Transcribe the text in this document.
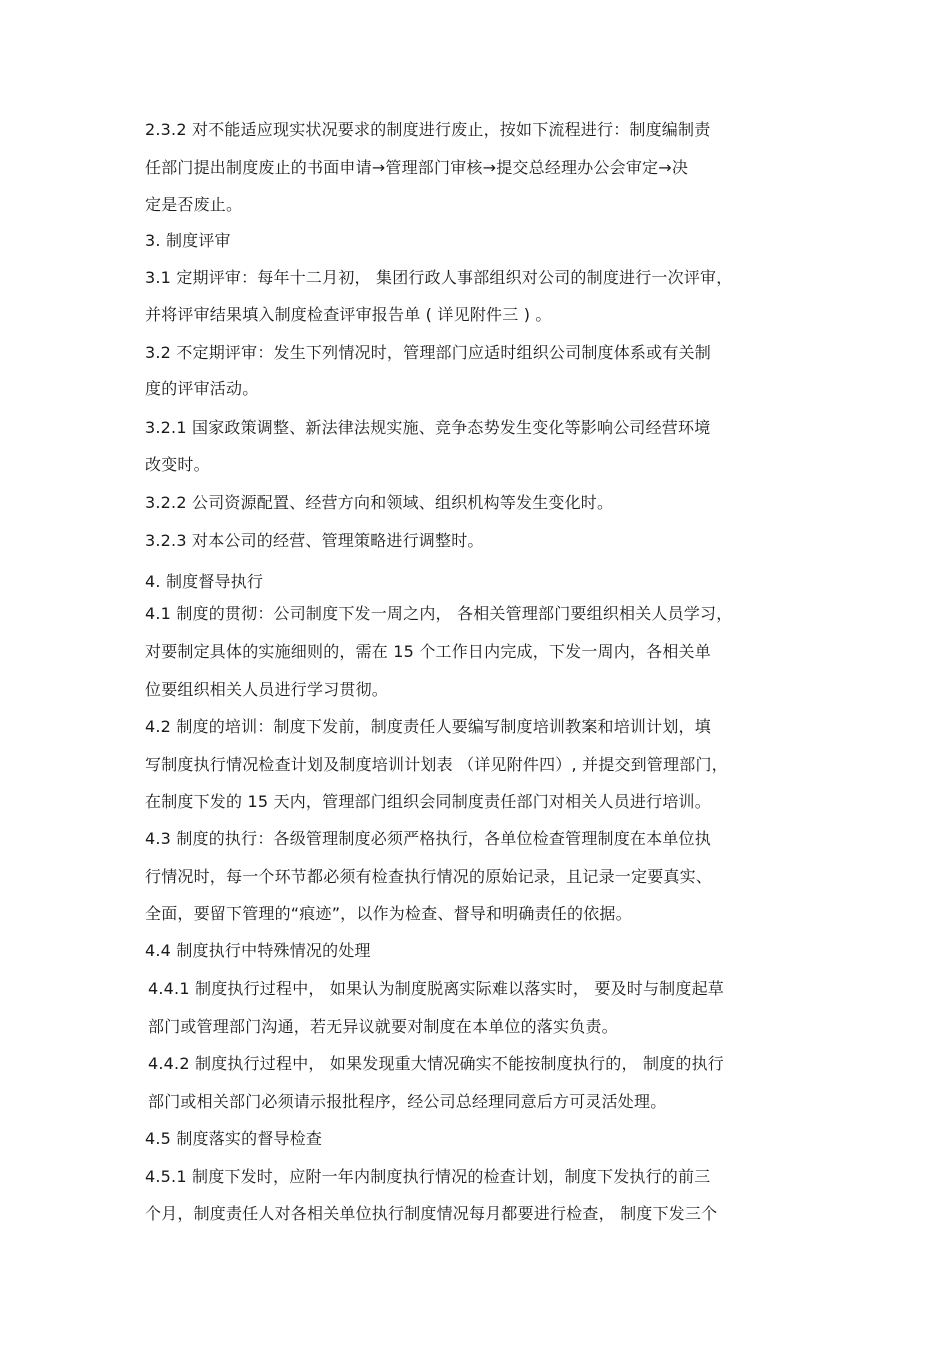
2.3.2 对不能适应现实状况要求的制度进行废止，按如下流程进行：制度编制责
任部门提出制度废止的书面申请→管理部门审核→提交总经理办公会审定→决
定是否废止。
3. 制度评审
3.1 定期评审：每年十二月初， 集团行政人事部组织对公司的制度进行一次评审，
并将评审结果填入制度检查评审报告单 ( 详见附件三 ) 。
3.2 不定期评审：发生下列情况时，管理部门应适时组织公司制度体系或有关制
度的评审活动。
3.2.1 国家政策调整、新法律法规实施、竞争态势发生变化等影响公司经营环境
改变时。
3.2.2 公司资源配置、经营方向和领域、组织机构等发生变化时。
3.2.3 对本公司的经营、管理策略进行调整时。
4. 制度督导执行
4.1 制度的贯彻：公司制度下发一周之内， 各相关管理部门要组织相关人员学习，
对要制定具体的实施细则的，需在 15 个工作日内完成，下发一周内，各相关单
位要组织相关人员进行学习贯彻。
4.2 制度的培训：制度下发前，制度责任人要编写制度培训教案和培训计划，填
写制度执行情况检查计划及制度培训计划表 （详见附件四）, 并提交到管理部门，
在制度下发的 15 天内，管理部门组织会同制度责任部门对相关人员进行培训。
4.3 制度的执行：各级管理制度必须严格执行，各单位检查管理制度在本单位执
行情况时，每一个环节都必须有检查执行情况的原始记录，且记录一定要真实、
全面，要留下管理的“痕迹”，以作为检查、督导和明确责任的依据。
4.4 制度执行中特殊情况的处理
4.4.1 制度执行过程中， 如果认为制度脱离实际难以落实时， 要及时与制度起草
部门或管理部门沟通，若无异议就要对制度在本单位的落实负责。
4.4.2 制度执行过程中， 如果发现重大情况确实不能按制度执行的， 制度的执行
部门或相关部门必须请示报批程序，经公司总经理同意后方可灵活处理。
4.5 制度落实的督导检查
4.5.1 制度下发时，应附一年内制度执行情况的检查计划，制度下发执行的前三
个月，制度责任人对各相关单位执行制度情况每月都要进行检查， 制度下发三个
